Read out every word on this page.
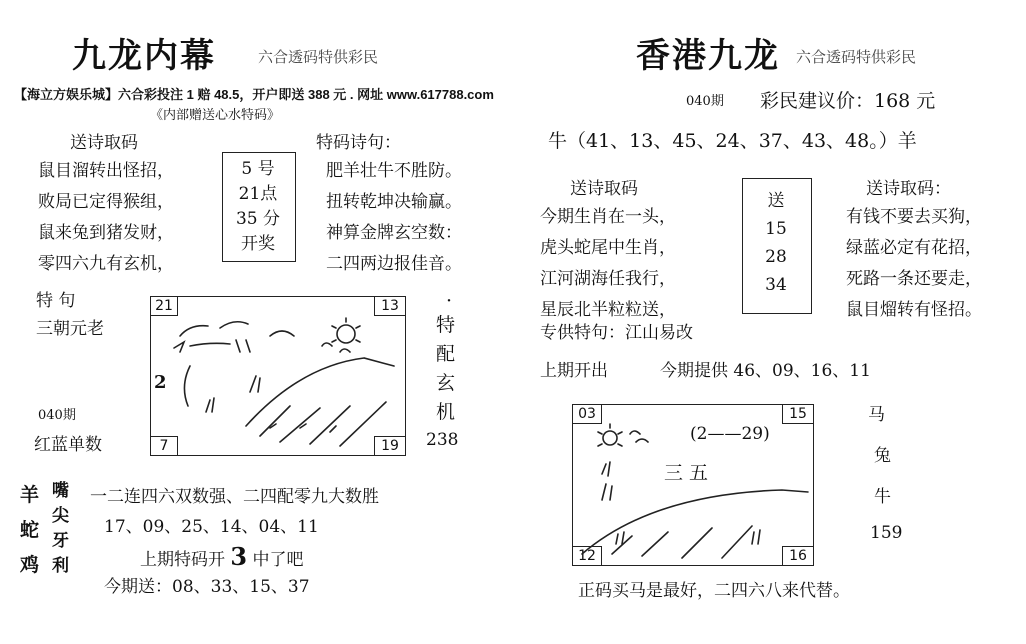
九龙内幕	六合透码特供彩民
【海立方娱乐城】六合彩投注 1 赔 48.5，开户即送 388 元 . 网址 www.617788.com
《内部赠送心水特码》
送诗取码
鼠目溜转出怪招，
败局已定得猴组，
鼠来兔到猪发财，
零四六九有玄机，
5 号
21点
35 分
开奖
特码诗句：
肥羊壮牛不胜防。
扭转乾坤决输赢。
神算金牌玄空数：
二四两边报佳音。
特 句
三朝元老
040期
红蓝单数
21	13
7	19
2
·
特
配
玄
机
238
羊
蛇
鸡
嘴
尖
牙
利
一二连四六双数强、二四配零九大数胜
17、09、25、14、04、11
上期特码开 3 中了吧
今期送：08、33、15、37
香港九龙 六合透码特供彩民
040期 彩民建议价：168 元
牛（41、13、45、24、37、43、48。）羊
送诗取码
今期生肖在一头，
虎头蛇尾中生肖，
江河湖海任我行，
星辰北半粒粒送，
专供特句：江山易改
送
15
28
34
送诗取码：
有钱不要去买狗，
绿蓝必定有花招，
死路一条还要走，
鼠目熘转有怪招。
上期开出	今期提供 46、09、16、11
03	15
12	16
(2——29)
三 五
马
兔
牛
159
正码买马是最好，二四六八来代替。
